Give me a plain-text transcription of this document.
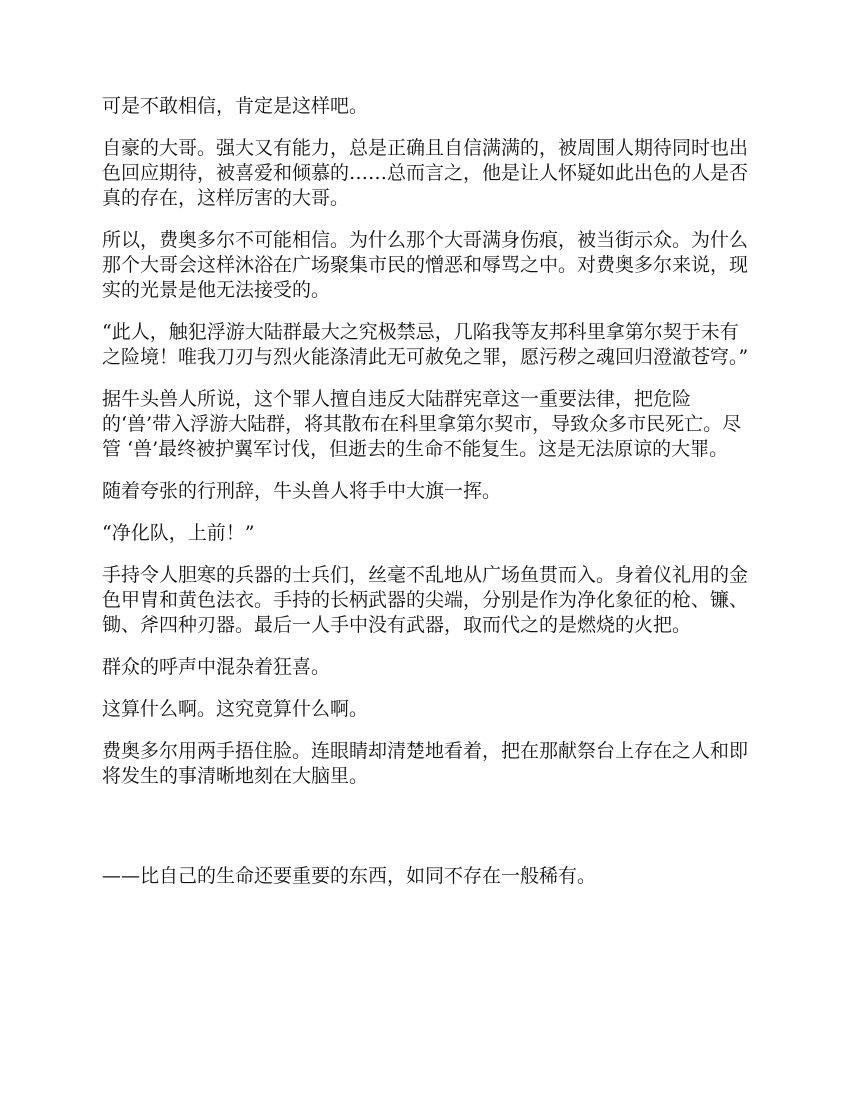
可是不敢相信，肯定是这样吧。

自豪的大哥。强大又有能力，总是正确且自信满满的，被周围人期待同时也出色回应期待，被喜爱和倾慕的……总而言之，他是让人怀疑如此出色的人是否真的存在，这样厉害的大哥。

所以，费奥多尔不可能相信。为什么那个大哥满身伤痕，被当街示众。为什么那个大哥会这样沐浴在广场聚集市民的憎恶和辱骂之中。对费奥多尔来说，现实的光景是他无法接受的。

“此人，触犯浮游大陆群最大之究极禁忌，几陷我等友邦科里拿第尔契于未有之险境！唯我刀刃与烈火能涤清此无可赦免之罪，愿污秽之魂回归澄澈苍穹。”

据牛头兽人所说，这个罪人擅自违反大陆群宪章这一重要法律，把危险的‘兽’带入浮游大陆群，将其散布在科里拿第尔契市，导致众多市民死亡。尽管 ‘兽’最终被护翼军讨伐，但逝去的生命不能复生。这是无法原谅的大罪。

随着夸张的行刑辞，牛头兽人将手中大旗一挥。

“净化队，上前！”

手持令人胆寒的兵器的士兵们，丝毫不乱地从广场鱼贯而入。身着仪礼用的金色甲胄和黄色法衣。手持的长柄武器的尖端，分别是作为净化象征的枪、镰、锄、斧四种刃器。最后一人手中没有武器，取而代之的是燃烧的火把。

群众的呼声中混杂着狂喜。

这算什么啊。这究竟算什么啊。

费奥多尔用两手捂住脸。连眼睛却清楚地看着，把在那献祭台上存在之人和即将发生的事清晰地刻在大脑里。

——比自己的生命还要重要的东西，如同不存在一般稀有。
